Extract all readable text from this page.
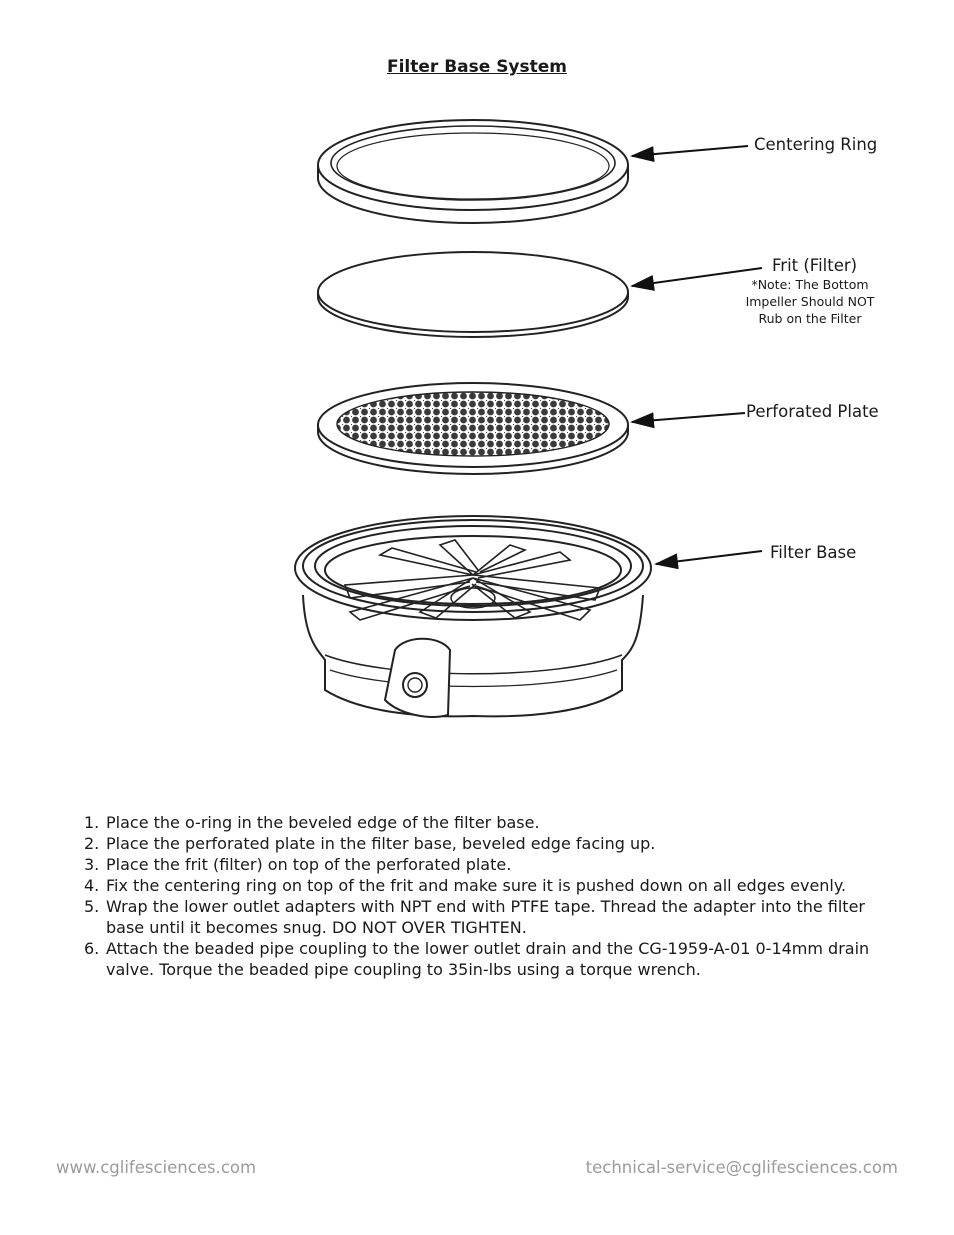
Filter Base System
Centering Ring
Frit (Filter)
*Note: The Bottom
Impeller Should NOT
Rub on the Filter
Perforated Plate
Filter Base
1. Place the o-ring in the beveled edge of the filter base.
2. Place the perforated plate in the filter base, beveled edge facing up.
3. Place the frit (filter) on top of the perforated plate.
4. Fix the centering ring on top of the frit and make sure it is pushed down on all edges evenly.
5. Wrap the lower outlet adapters with NPT end with PTFE tape. Thread the adapter into the filter base until it becomes snug. DO NOT OVER TIGHTEN.
6. Attach the beaded pipe coupling to the lower outlet drain and the CG-1959-A-01 0-14mm drain valve. Torque the beaded pipe coupling to 35in-lbs using a torque wrench.
www.cglifesciences.com	technical-service@cglifesciences.com
